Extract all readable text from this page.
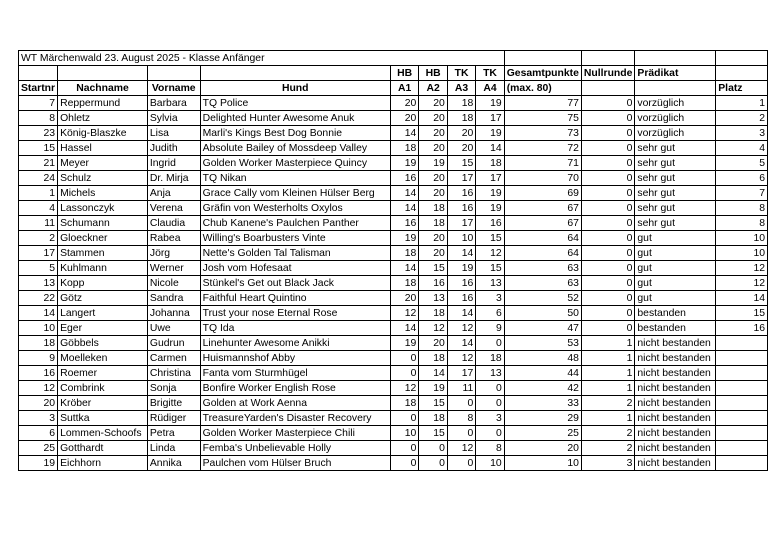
WT Märchenwald 23. August 2025 - Klasse Anfänger											
				HB	HB	TK	TK	Gesamtpunkte	Nullrunde	Prädikat	
Startnr	Nachname	Vorname	Hund	A1	A2	A3	A4	(max. 80)			Platz
7	Reppermund	Barbara	TQ Police	20	20	18	19	77	0	vorzüglich	1
8	Ohletz	Sylvia	Delighted Hunter Awesome Anuk	20	20	18	17	75	0	vorzüglich	2
23	König-Blaszke	Lisa	Marli's Kings Best Dog Bonnie	14	20	20	19	73	0	vorzüglich	3
15	Hassel	Judith	Absolute Bailey of Mossdeep Valley	18	20	20	14	72	0	sehr gut	4
21	Meyer	Ingrid	Golden Worker Masterpiece Quincy	19	19	15	18	71	0	sehr gut	5
24	Schulz	Dr. Mirja	TQ Nikan	16	20	17	17	70	0	sehr gut	6
1	Michels	Anja	Grace Cally vom Kleinen Hülser Berg	14	20	16	19	69	0	sehr gut	7
4	Lassonczyk	Verena	Gräfin von Westerholts Oxylos	14	18	16	19	67	0	sehr gut	8
11	Schumann	Claudia	Chub Kanene's Paulchen Panther	16	18	17	16	67	0	sehr gut	8
2	Gloeckner	Rabea	Willing's Boarbusters Vinte	19	20	10	15	64	0	gut	10
17	Stammen	Jörg	Nette's Golden Tal Talisman	18	20	14	12	64	0	gut	10
5	Kuhlmann	Werner	Josh vom Hofesaat	14	15	19	15	63	0	gut	12
13	Kopp	Nicole	Stünkel's Get out Black Jack	18	16	16	13	63	0	gut	12
22	Götz	Sandra	Faithful Heart Quintino	20	13	16	3	52	0	gut	14
14	Langert	Johanna	Trust your nose Eternal Rose	12	18	14	6	50	0	bestanden	15
10	Eger	Uwe	TQ Ida	14	12	12	9	47	0	bestanden	16
18	Göbbels	Gudrun	Linehunter Awesome Anikki	19	20	14	0	53	1	nicht bestanden	
9	Moelleken	Carmen	Huismannshof Abby	0	18	12	18	48	1	nicht bestanden	
16	Roemer	Christina	Fanta vom Sturmhügel	0	14	17	13	44	1	nicht bestanden	
12	Combrink	Sonja	Bonfire Worker English Rose	12	19	11	0	42	1	nicht bestanden	
20	Kröber	Brigitte	Golden at Work Aenna	18	15	0	0	33	2	nicht bestanden	
3	Suttka	Rüdiger	TreasureYarden's Disaster Recovery	0	18	8	3	29	1	nicht bestanden	
6	Lommen-Schoofs	Petra	Golden Worker Masterpiece Chili	10	15	0	0	25	2	nicht bestanden	
25	Gotthardt	Linda	Femba's Unbelievable Holly	0	0	12	8	20	2	nicht bestanden	
19	Eichhorn	Annika	Paulchen vom Hülser Bruch	0	0	0	10	10	3	nicht bestanden	
